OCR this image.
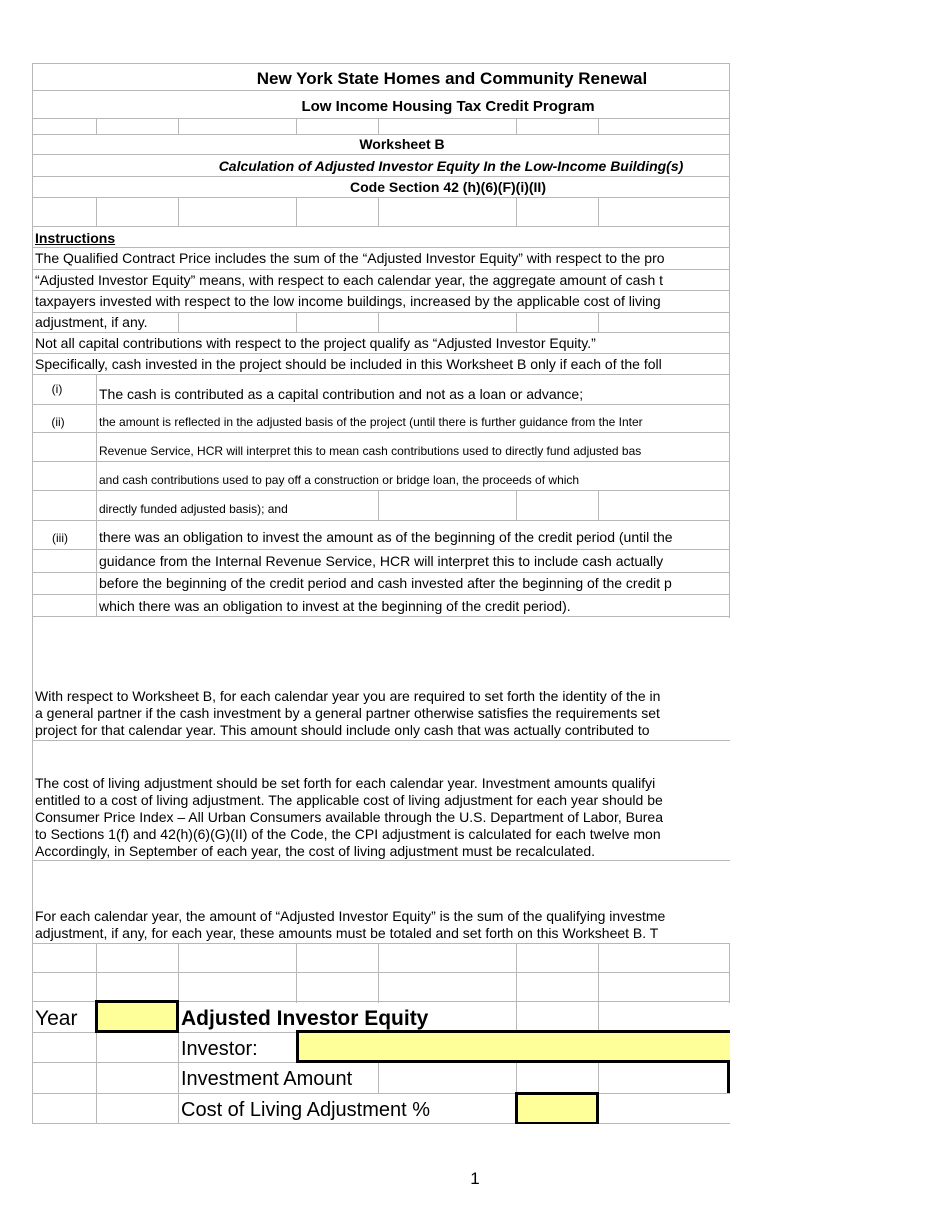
New York State Homes and Community Renewal
Low Income Housing Tax Credit Program
Worksheet B
Calculation of Adjusted Investor Equity In the Low-Income Building(s)
Code Section 42 (h)(6)(F)(i)(II)
Instructions
The Qualified Contract Price includes the sum of the “Adjusted Investor Equity” with respect to the pro
“Adjusted Investor Equity” means, with respect to each calendar year, the aggregate amount of cash t
taxpayers invested with respect to the low income buildings, increased by the applicable cost of living
adjustment, if any.
Not all capital contributions with respect to the project qualify as “Adjusted Investor Equity.”
Specifically, cash invested in the project should be included in this Worksheet B only if each of the foll
(i)	The cash is contributed as a capital contribution and not as a loan or advance;
(ii)	the amount is reflected in the adjusted basis of the project (until there is further guidance from the Inter
Revenue Service, HCR will interpret this to mean cash contributions used to directly fund adjusted bas
and cash contributions used to pay off a construction or bridge loan, the proceeds of which
directly funded adjusted basis); and
(iii)	there was an obligation to invest the amount as of the beginning of the credit period (until the
guidance from the Internal Revenue Service, HCR will interpret this to include cash actually
before the beginning of the credit period and cash invested after the beginning of the credit p
which there was an obligation to invest at the beginning of the credit period).
With respect to Worksheet B, for each calendar year you are required to set forth the identity of the in
a general partner if the cash investment by a general partner otherwise satisfies the requirements set
project for that calendar year. This amount should include only cash that was actually contributed to
The cost of living adjustment should be set forth for each calendar year. Investment amounts qualifyi
entitled to a cost of living adjustment. The applicable cost of living adjustment for each year should be
Consumer Price Index – All Urban Consumers available through the U.S. Department of Labor, Burea
to Sections 1(f) and 42(h)(6)(G)(II) of the Code, the CPI adjustment is calculated for each twelve mon
Accordingly, in September of each year, the cost of living adjustment must be recalculated.
For each calendar year, the amount of “Adjusted Investor Equity” is the sum of the qualifying investme
adjustment, if any, for each year, these amounts must be totaled and set forth on this Worksheet B. T
Year	Adjusted Investor Equity
Investor:
Investment Amount
Cost of Living Adjustment %
1
